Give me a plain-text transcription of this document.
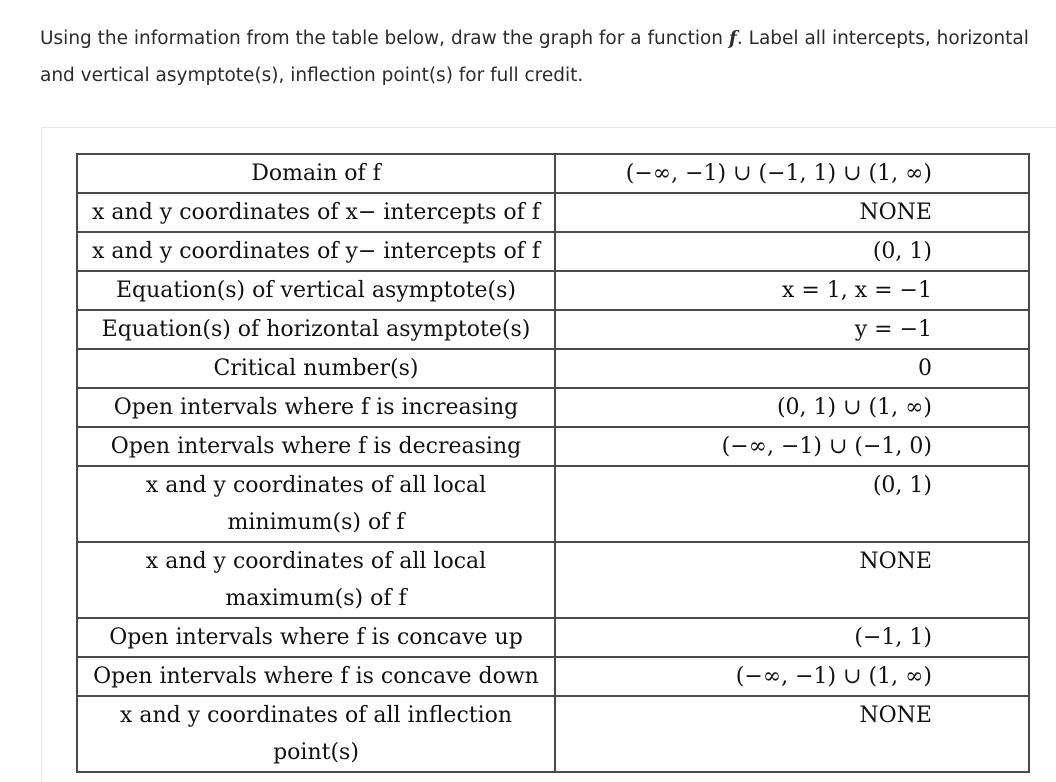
Using the information from the table below, draw the graph for a function f. Label all intercepts, horizontal and vertical asymptote(s), inflection point(s) for full credit.
Domain of f	(−∞, −1) ∪ (−1, 1) ∪ (1, ∞)
x and y coordinates of x− intercepts of f	NONE
x and y coordinates of y− intercepts of f	(0, 1)
Equation(s) of vertical asymptote(s)	x = 1, x = −1
Equation(s) of horizontal asymptote(s)	y = −1
Critical number(s)	0
Open intervals where f is increasing	(0, 1) ∪ (1, ∞)
Open intervals where f is decreasing	(−∞, −1) ∪ (−1, 0)
x and y coordinates of all local minimum(s) of f	(0, 1)
x and y coordinates of all local maximum(s) of f	NONE
Open intervals where f is concave up	(−1, 1)
Open intervals where f is concave down	(−∞, −1) ∪ (1, ∞)
x and y coordinates of all inflection point(s)	NONE
